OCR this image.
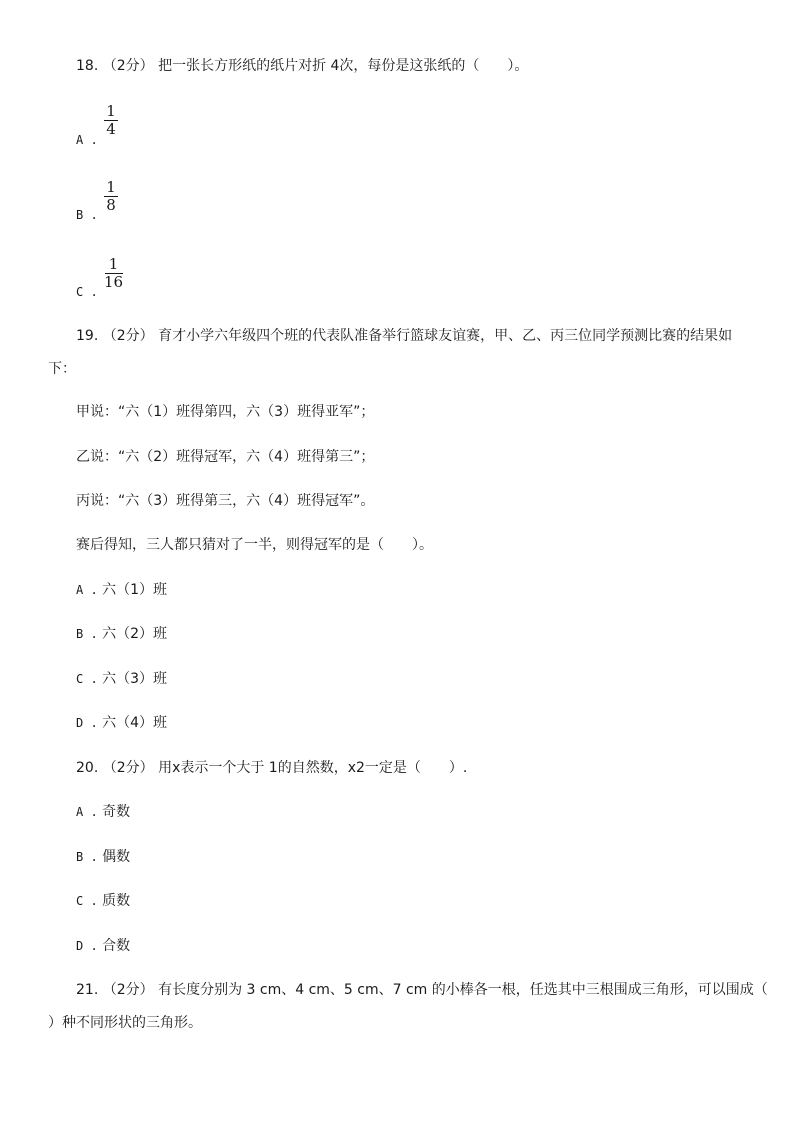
18. （2分） 把一张长方形纸的纸片对折 4次，每份是这张纸的（　　）。
A .
1
4
B .
1
8
C .
1
16
19. （2分） 育才小学六年级四个班的代表队准备举行篮球友谊赛，甲、乙、丙三位同学预测比赛的结果如
下：
甲说：“六（1）班得第四，六（3）班得亚军”；
乙说：“六（2）班得冠军，六（4）班得第三”；
丙说：“六（3）班得第三，六（4）班得冠军”。
赛后得知，三人都只猜对了一半，则得冠军的是（　　）。
A . 六（1）班
B . 六（2）班
C . 六（3）班
D . 六（4）班
20. （2分） 用x表示一个大于 1的自然数，x2一定是（　　）.
A . 奇数
B . 偶数
C . 质数
D . 合数
21. （2分） 有长度分别为 3 cm、4 cm、5 cm、7 cm 的小棒各一根，任选其中三根围成三角形，可以围成（
）种不同形状的三角形。
